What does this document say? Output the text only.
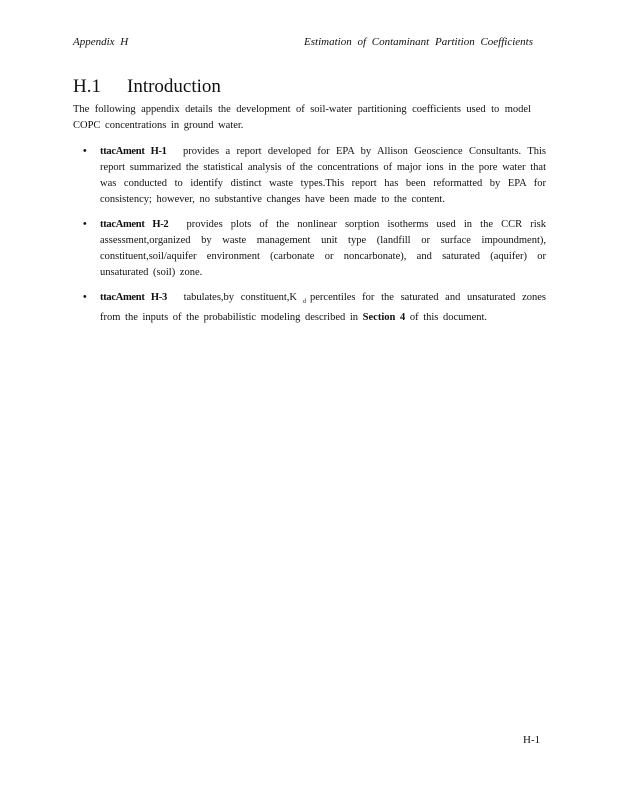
Appendix H	Estimation of Contaminant Partition Coefficients
H.1 Introduction

The following appendix details the development of soil-water partitioning coefficients used to model COPC concentrations in ground water.

• ttacAment H-1 provides a report developed for EPA by Allison Geoscience Consultants. This report summarized the statistical analysis of the concentrations of major ions in the pore water that was conducted to identify distinct waste types.This report has been reformatted by EPA for consistency; however, no substantive changes have been made to the content.
• ttacAment H-2 provides plots of the nonlinear sorption isotherms used in the CCR risk assessment,organized by waste management unit type (landfill or surface impoundment), constituent,soil/aquifer environment (carbonate or noncarbonate), and saturated (aquifer) or unsaturated (soil) zone.
• ttacAment H-3 tabulates,by constituent,K $_d$ percentiles for the saturated and unsaturated zones from the inputs of the probabilistic modeling described in Section 4 of this document.
H-1
